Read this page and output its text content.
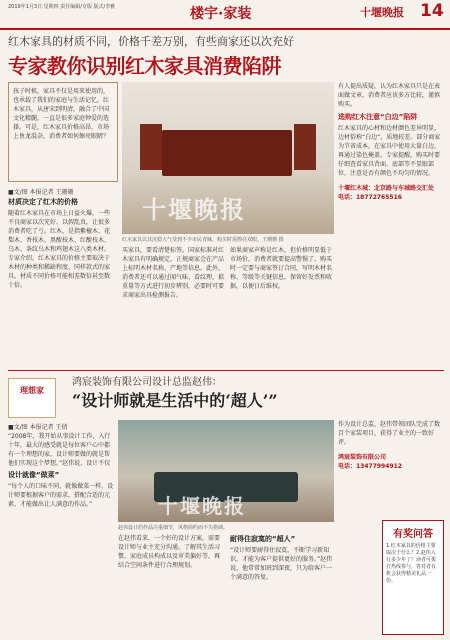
2019年1月3日 星期四 责任编辑/专版 版式/李雅	楼宇·家装	十堰晚报 14
红木家具的材质不同，价格千差万别，有些商家还以次充好
专家教你识别红木家具消费陷阱
孩子时候，家具不仅是用来使用的，也承载了我们的家庭与生活记忆。红木家具，从唐宋到明清，融合了中国文化精髓，一直是很多家庭钟爱的选择。可是，红木家具价格高昂，市场上鱼龙混杂，消费者如何擦亮眼睛？
■文/图 本报记者 王珊珊
十堰晚报
红木家具以其沉稳大气受到不少市民青睐，购买时需擦亮双眼。王珊珊 摄
有人提出质疑，认为红木家具只是在表面做文章，消费者应该多方比较，谨慎购买。
选购红木注意“白边”陷阱
红木家具的心材和边材颜色差异明显，边材俗称“白边”，质地较差。部分商家为节省成本，在家具中使用大量白边，再通过染色掩盖。专家提醒，购买时要仔细查看家具背面、底部等不显眼部位，注意是否有颜色不均匀的情况。
十堰红木城：北京路与车城路交汇处
电话：18772765516
材质决定了红木的价格
随着红木家具在市场上日益火爆，一些不良商家以次充好、以假乱真，让很多消费者吃了亏。红木，是指紫檀木、花梨木、香枝木、黑酸枝木、红酸枝木、乌木、条纹乌木和鸡翅木这八类木材。专家介绍，红木家具的价格主要取决于木材的种类和稀缺程度，同样款式的家具，材质不同价格可能相差数倍甚至数十倍。
买家具，要看清楚标签。国家标准对红木家具有明确规定，正规商家会在产品上标明木材名称、产地等信息。此外，消费者还可以通过闻气味、看纹理、掂重量等方式进行初步辨别，必要时可要求商家出具检测报告。
如果商家声称是红木，但价格明显低于市场价，消费者就要提高警惕了。购买时一定要与商家签订合同，写明木材名称、等级等关键信息，保留好发票和收据，以便日后维权。
理想家
鸿宸装饰有限公司设计总监赵伟：
“设计师就是生活中的‘超人’”
■文/图 本报记者 王倩
“2008年，我开始从事设计工作，入行十年，最大的感受就是每位客户心中都有一个理想的家，设计师要做的就是帮他们实现这个梦想。”赵伟说，设计不仅
设计就像“做菜”
“每个人的口味不同，就像做菜一样，设计师要根据客户的需求，搭配合适的元素，才能做出让人满意的作品。”	十堰晚报
赵伟设计的作品注重细节，风格简约而不失格调。
在赵伟看来，一个好的设计方案，需要设计师与业主充分沟通，了解其生活习惯、家庭成员构成以及审美偏好等，再结合空间条件进行合理规划。
耐得住寂寞的“超人”
“设计师要耐得住寂寞，不断学习新知识，才能为客户提供更好的服务。”赵伟说，他常常加班到深夜，只为给客户一个满意的答复。
作为设计总监，赵伟带领团队完成了数百个家装项目，获得了业主的一致好评。
鸿宸装饰有限公司
电话：13477994912
有奖问答
1.红木家具的价格主要取决于什么？2.赵伟入行多少年了？读者可拨打热线参与，答对者有机会获得精美礼品一份。
